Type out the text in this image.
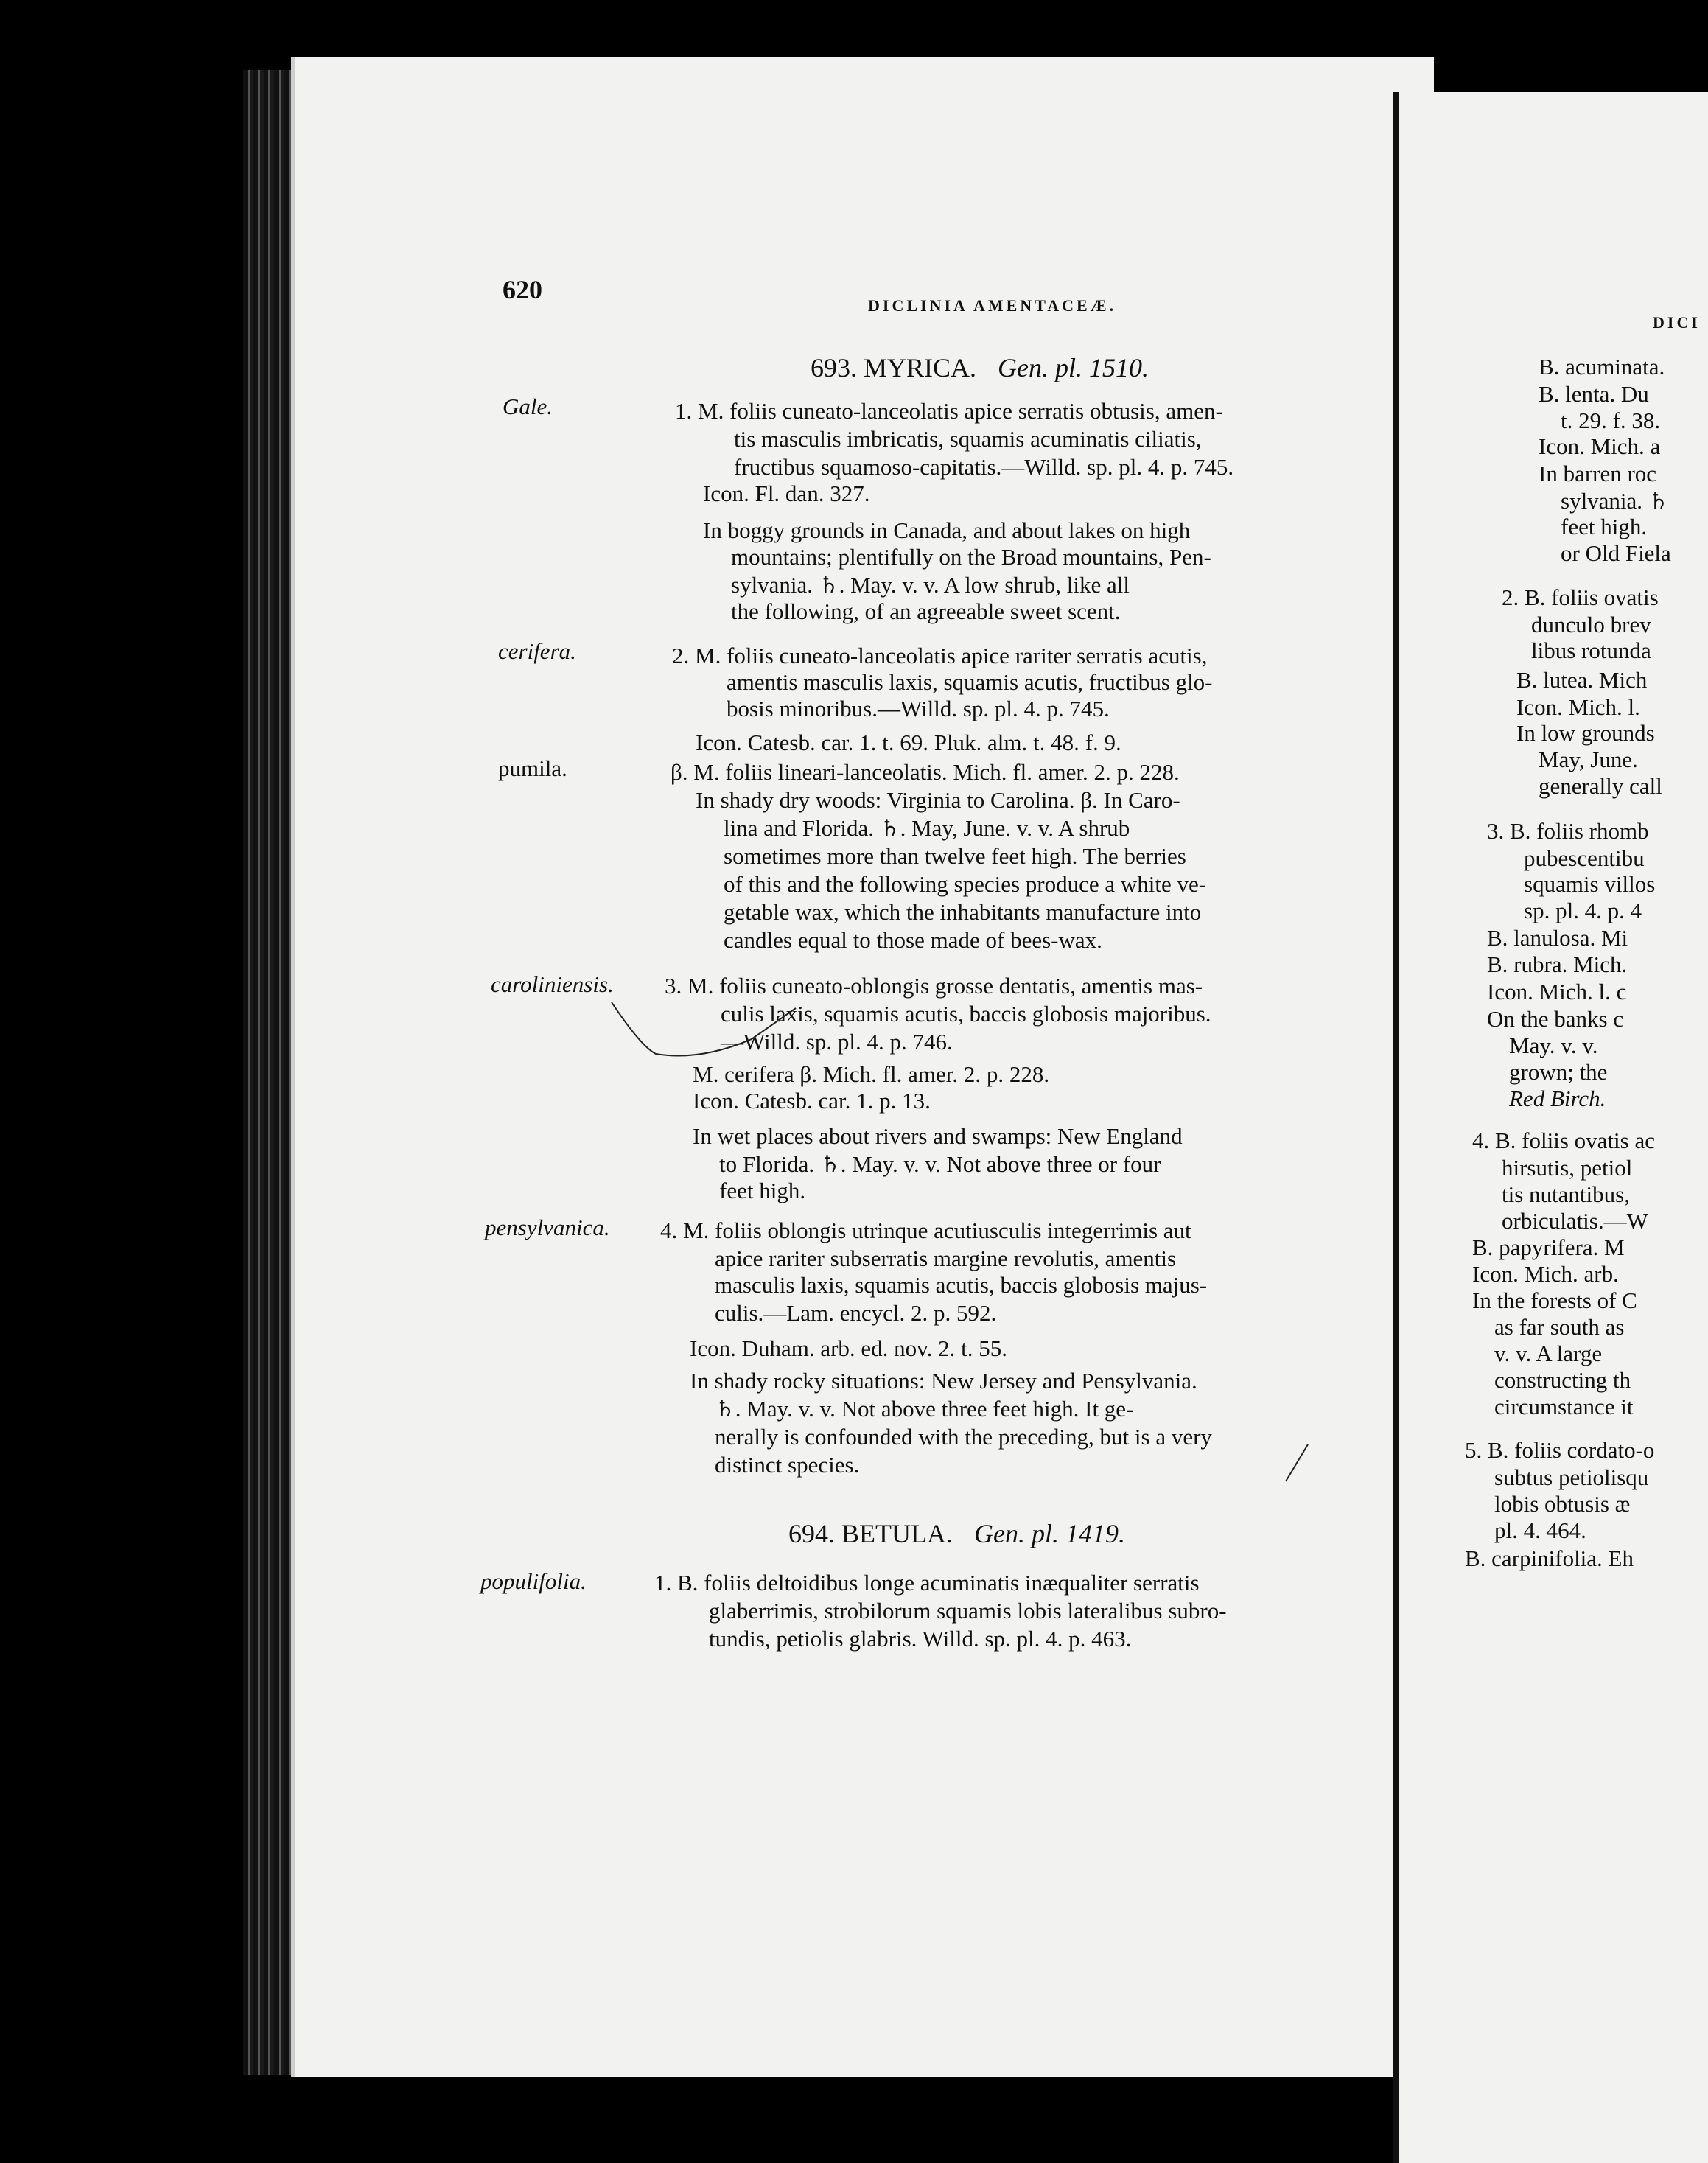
DICI
B. acuminata.
B. lenta. Du
t. 29. f. 38.
Icon. Mich. a
In barren roc
sylvania. ♄
feet high.
or Old Fiela
2. B. foliis ovatis
dunculo brev
libus rotunda
B. lutea. Mich
Icon. Mich. l.
In low grounds
May, June.
generally call
3. B. foliis rhomb
pubescentibu
squamis villos
sp. pl. 4. p. 4
B. lanulosa. Mi
B. rubra. Mich.
Icon. Mich. l. c
On the banks c
May. v. v.
grown; the
Red Birch.
4. B. foliis ovatis ac
hirsutis, petiol
tis nutantibus,
orbiculatis.—W
B. papyrifera. M
Icon. Mich. arb.
In the forests of C
as far south as
v. v. A large
constructing th
circumstance it
5. B. foliis cordato-o
subtus petiolisqu
lobis obtusis æ
pl. 4. 464.
B. carpinifolia. Eh
620
DICLINIA AMENTACEÆ.
693. MYRICA. Gen. pl. 1510.
Gale.
cerifera.
pumila.
caroliniensis.
pensylvanica.
populifolia.
1. M. foliis cuneato-lanceolatis apice serratis obtusis, amen-
tis masculis imbricatis, squamis acuminatis ciliatis,
fructibus squamoso-capitatis.—Willd. sp. pl. 4. p. 745.
Icon. Fl. dan. 327.
In boggy grounds in Canada, and about lakes on high
mountains; plentifully on the Broad mountains, Pen-
sylvania. ♄. May. v. v. A low shrub, like all
the following, of an agreeable sweet scent.
2. M. foliis cuneato-lanceolatis apice rariter serratis acutis,
amentis masculis laxis, squamis acutis, fructibus glo-
bosis minoribus.—Willd. sp. pl. 4. p. 745.
Icon. Catesb. car. 1. t. 69. Pluk. alm. t. 48. f. 9.
β. M. foliis lineari-lanceolatis. Mich. fl. amer. 2. p. 228.
In shady dry woods: Virginia to Carolina. β. In Caro-
lina and Florida. ♄. May, June. v. v. A shrub
sometimes more than twelve feet high. The berries
of this and the following species produce a white ve-
getable wax, which the inhabitants manufacture into
candles equal to those made of bees-wax.
3. M. foliis cuneato-oblongis grosse dentatis, amentis mas-
culis laxis, squamis acutis, baccis globosis majoribus.
—Willd. sp. pl. 4. p. 746.
M. cerifera β. Mich. fl. amer. 2. p. 228.
Icon. Catesb. car. 1. p. 13.
In wet places about rivers and swamps: New England
to Florida. ♄. May. v. v. Not above three or four
feet high.
4. M. foliis oblongis utrinque acutiusculis integerrimis aut
apice rariter subserratis margine revolutis, amentis
masculis laxis, squamis acutis, baccis globosis majus-
culis.—Lam. encycl. 2. p. 592.
Icon. Duham. arb. ed. nov. 2. t. 55.
In shady rocky situations: New Jersey and Pensylvania.
♄. May. v. v. Not above three feet high. It ge-
nerally is confounded with the preceding, but is a very
distinct species.
694. BETULA. Gen. pl. 1419.
1. B. foliis deltoidibus longe acuminatis inæqualiter serratis
glaberrimis, strobilorum squamis lobis lateralibus subro-
tundis, petiolis glabris. Willd. sp. pl. 4. p. 463.
